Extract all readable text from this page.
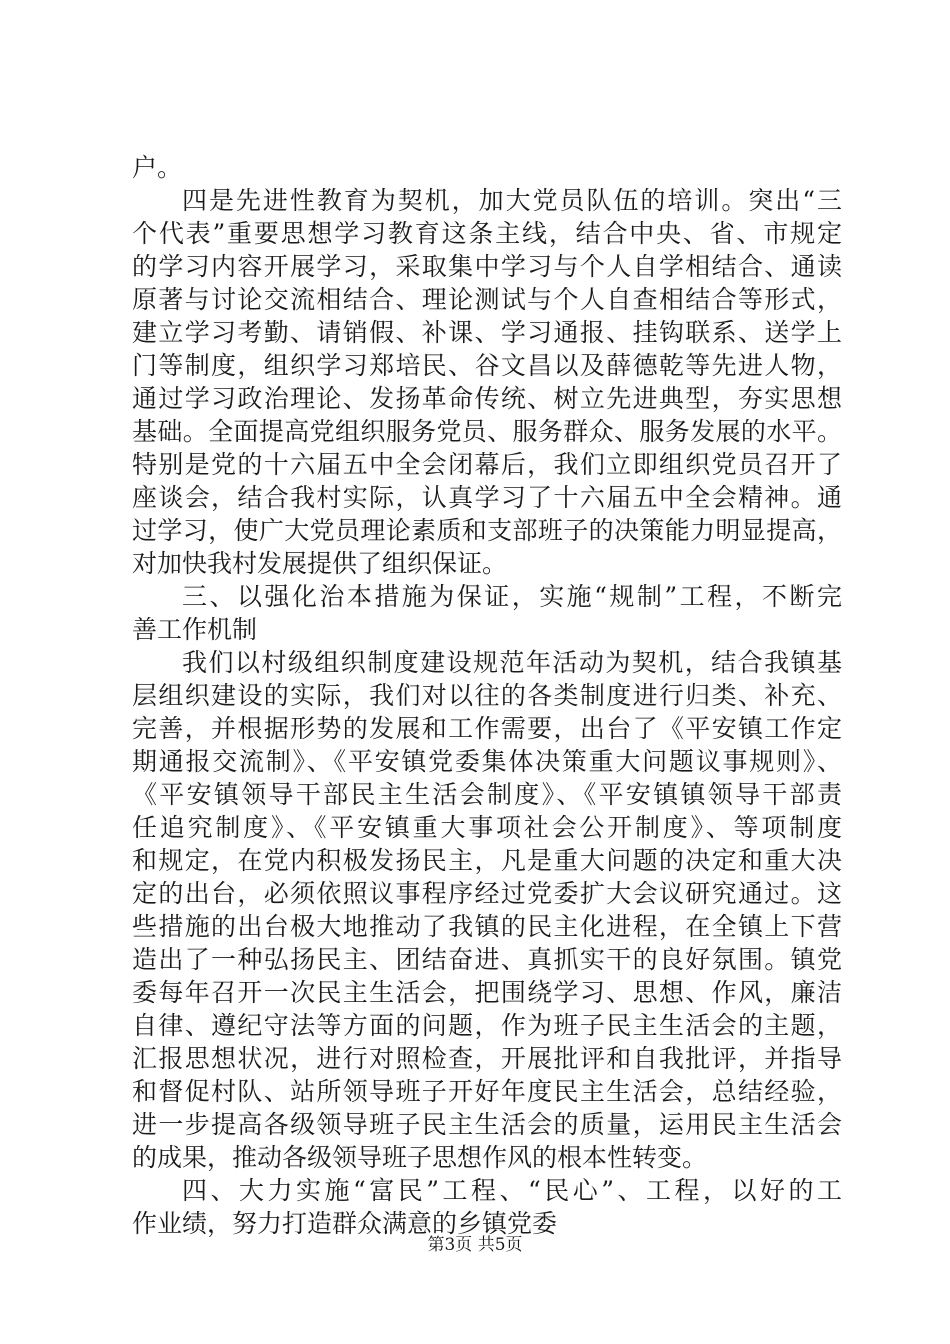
户。
四是先进性教育为契机，加大党员队伍的培训。突出“三
个代表”重要思想学习教育这条主线，结合中央、省、市规定
的学习内容开展学习，采取集中学习与个人自学相结合、通读
原著与讨论交流相结合、理论测试与个人自查相结合等形式，
建立学习考勤、请销假、补课、学习通报、挂钩联系、送学上
门等制度，组织学习郑培民、谷文昌以及薛德乾等先进人物，
通过学习政治理论、发扬革命传统、树立先进典型，夯实思想
基础。全面提高党组织服务党员、服务群众、服务发展的水平。
特别是党的十六届五中全会闭幕后，我们立即组织党员召开了
座谈会，结合我村实际，认真学习了十六届五中全会精神。通
过学习，使广大党员理论素质和支部班子的决策能力明显提高，
对加快我村发展提供了组织保证。
三、以强化治本措施为保证，实施“规制”工程，不断完
善工作机制
我们以村级组织制度建设规范年活动为契机，结合我镇基
层组织建设的实际，我们对以往的各类制度进行归类、补充、
完善，并根据形势的发展和工作需要，出台了《平安镇工作定
期通报交流制》、《平安镇党委集体决策重大问题议事规则》、
《平安镇领导干部民主生活会制度》、《平安镇镇领导干部责
任追究制度》、《平安镇重大事项社会公开制度》、等项制度
和规定，在党内积极发扬民主，凡是重大问题的决定和重大决
定的出台，必须依照议事程序经过党委扩大会议研究通过。这
些措施的出台极大地推动了我镇的民主化进程，在全镇上下营
造出了一种弘扬民主、团结奋进、真抓实干的良好氛围。镇党
委每年召开一次民主生活会，把围绕学习、思想、作风，廉洁
自律、遵纪守法等方面的问题，作为班子民主生活会的主题，
汇报思想状况，进行对照检查，开展批评和自我批评，并指导
和督促村队、站所领导班子开好年度民主生活会，总结经验，
进一步提高各级领导班子民主生活会的质量，运用民主生活会
的成果，推动各级领导班子思想作风的根本性转变。
四、大力实施“富民”工程、“民心”、工程，以好的工
作业绩，努力打造群众满意的乡镇党委
第3页 共5页
